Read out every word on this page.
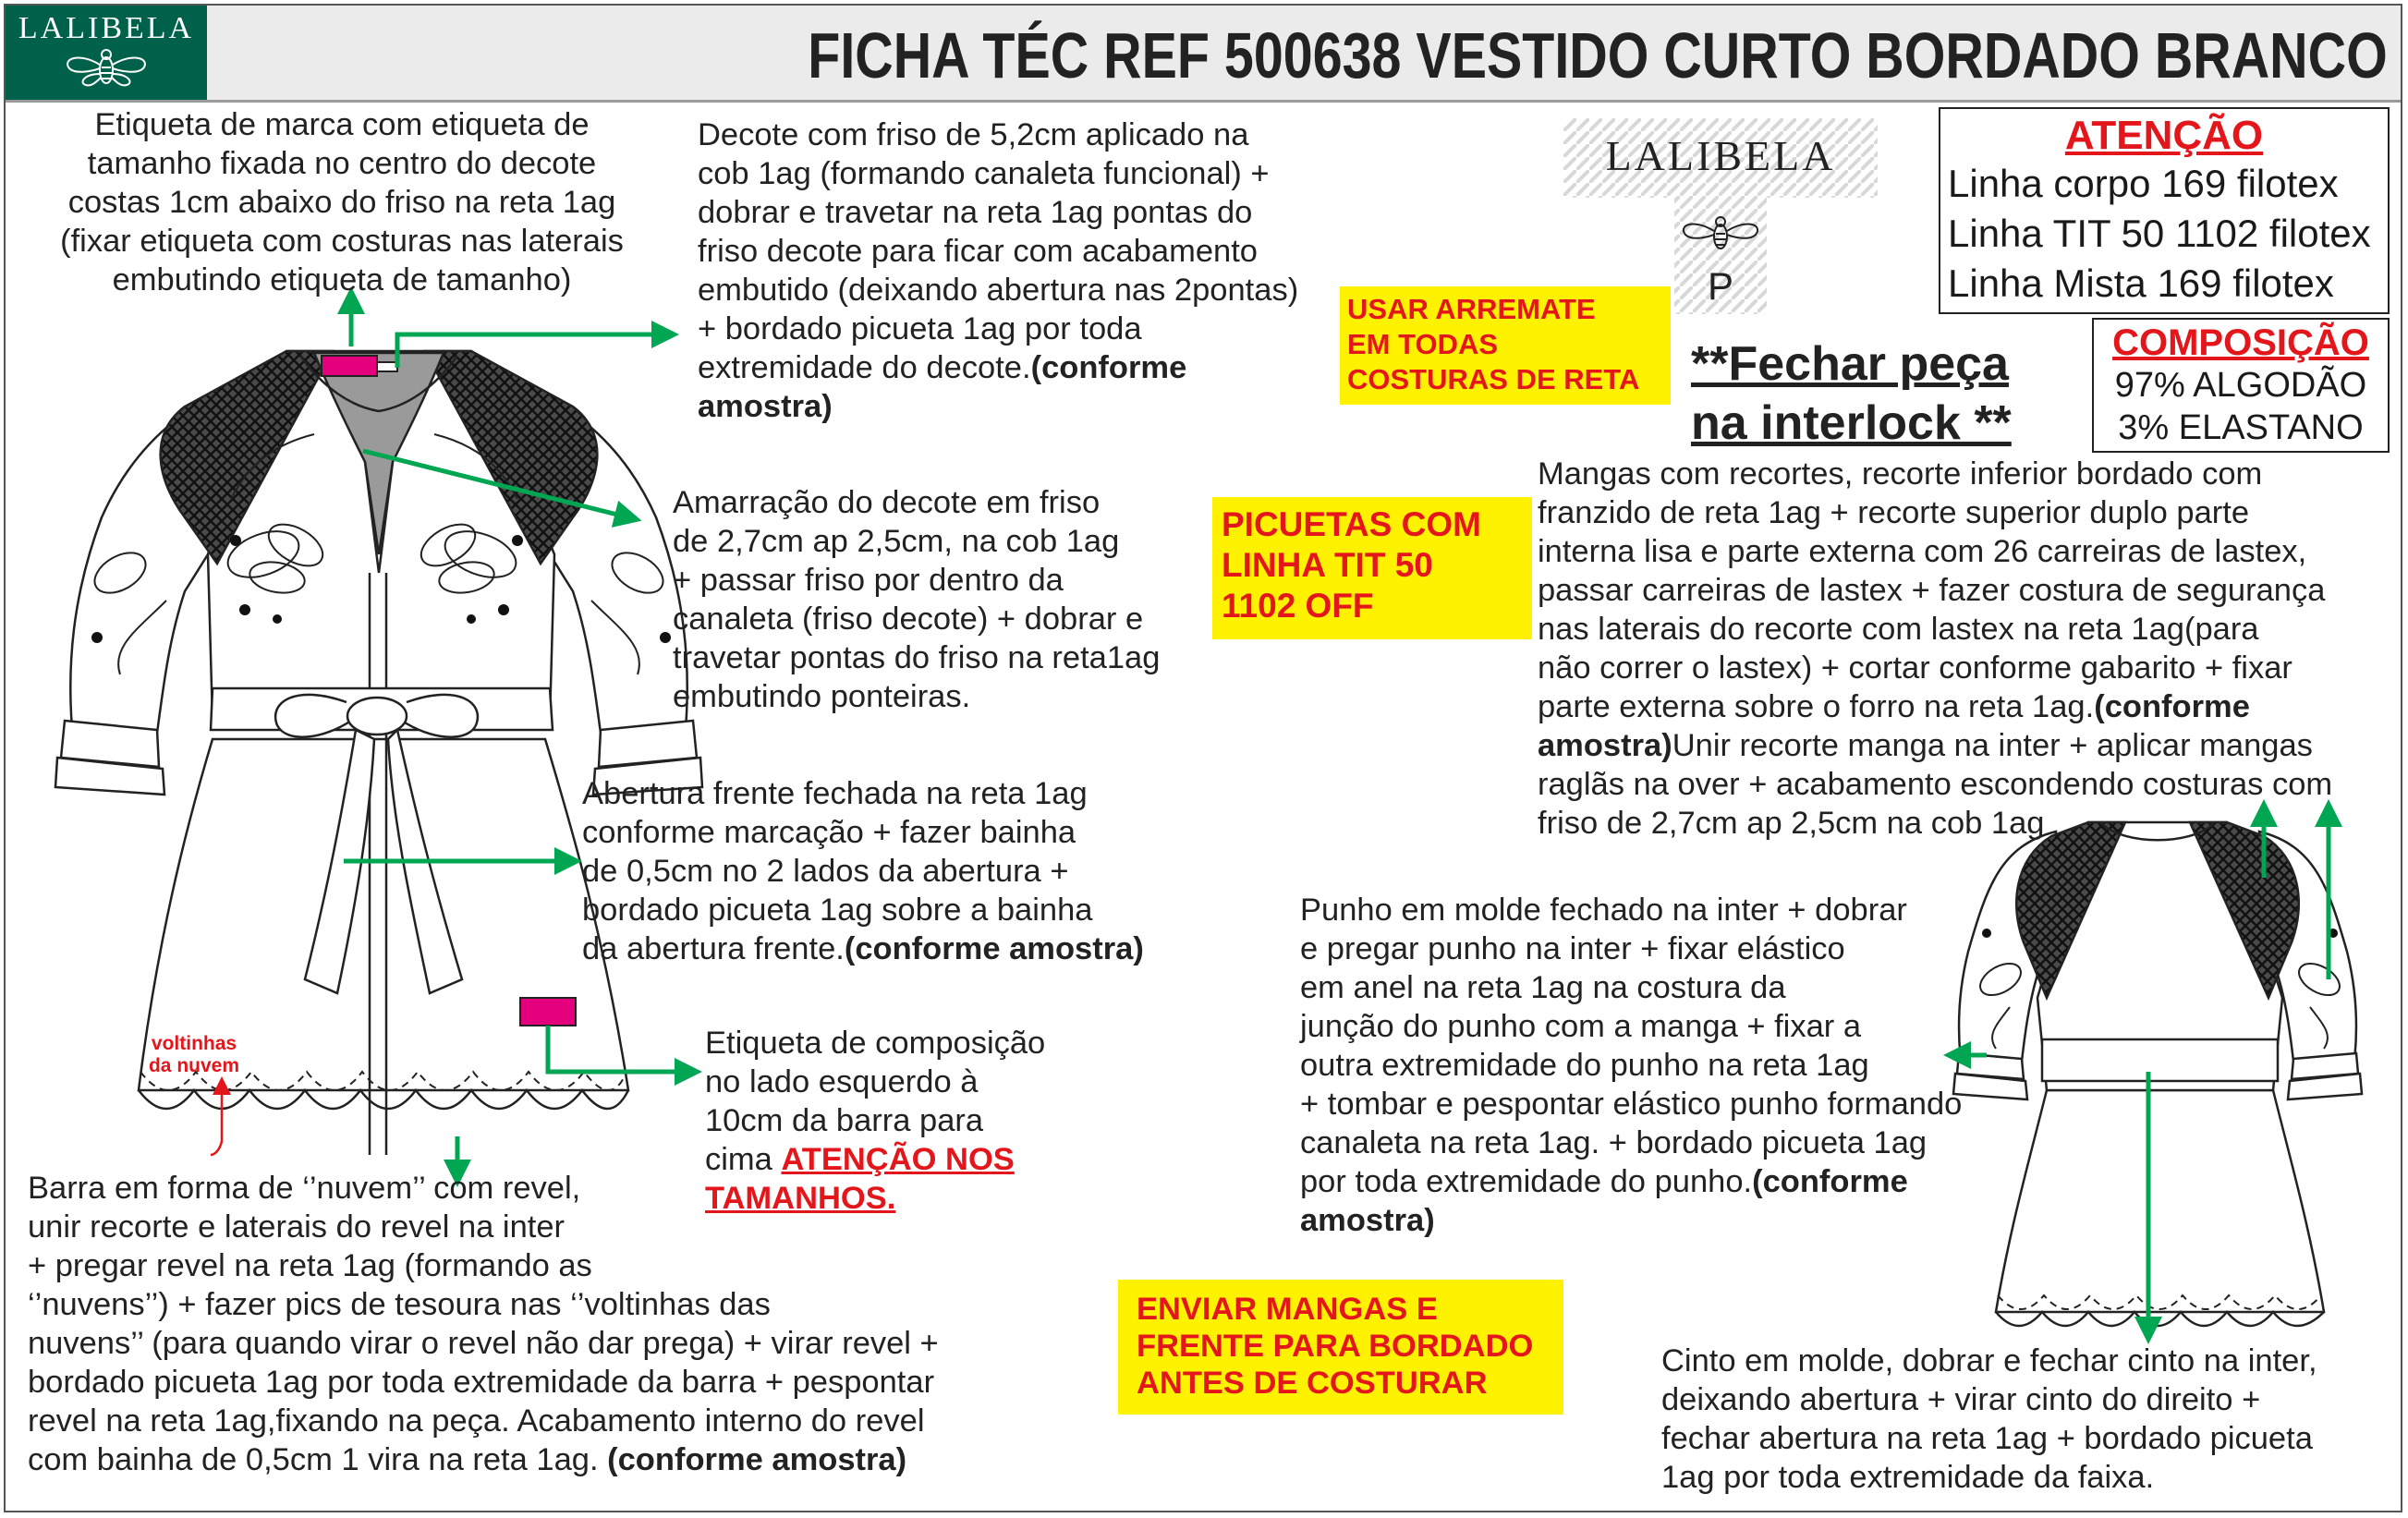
LALIBELA	FICHA TÉC REF 500638 VESTIDO CURTO BORDADO BRANCO
Etiqueta de marca com etiqueta de
tamanho fixada no centro do decote
costas 1cm abaixo do friso na reta 1ag
(fixar etiqueta com costuras nas laterais
embutindo etiqueta de tamanho)
Decote com friso de 5,2cm aplicado na
cob 1ag (formando canaleta funcional) +
dobrar e travetar na reta 1ag pontas do
friso decote para ficar com acabamento
embutido (deixando abertura nas 2pontas)
+ bordado picueta 1ag por toda
extremidade do decote.(conforme
amostra)
Amarração do decote em friso
de 2,7cm ap 2,5cm, na cob 1ag
+ passar friso por dentro da
canaleta (friso decote) + dobrar e
travetar pontas do friso na reta1ag
embutindo ponteiras.
Abertura frente fechada na reta 1ag
conforme marcação + fazer bainha
de 0,5cm no 2 lados da abertura +
bordado picueta 1ag sobre a bainha
da abertura frente.(conforme amostra)
Etiqueta de composição
no lado esquerdo à
10cm da barra para
cima ATENÇÃO NOS
TAMANHOS.
voltinhas
da nuvem
Barra em forma de ‘’nuvem’’ com revel,
unir recorte e laterais do revel na inter
+ pregar revel na reta 1ag (formando as
‘’nuvens’’) + fazer pics de tesoura nas ‘’voltinhas das
nuvens’’ (para quando virar o revel não dar prega) + virar revel +
bordado picueta 1ag por toda extremidade da barra + pespontar
revel na reta 1ag,fixando na peça. Acabamento interno do revel
com bainha de 0,5cm 1 vira na reta 1ag. (conforme amostra)
USAR ARREMATE
EM TODAS
COSTURAS DE RETA
PICUETAS COM
LINHA TIT 50
1102 OFF
ENVIAR MANGAS E
FRENTE PARA BORDADO
ANTES DE COSTURAR
LALIBELA
P
ATENÇÃO
Linha corpo 169 filotex
Linha TIT 50 1102 filotex
Linha Mista 169 filotex
COMPOSIÇÃO
97% ALGODÃO
3% ELASTANO
**Fechar peça
na interlock **
Mangas com recortes, recorte inferior bordado com
franzido de reta 1ag + recorte superior duplo parte
interna lisa e parte externa com 26 carreiras de lastex,
passar carreiras de lastex + fazer costura de segurança
nas laterais do recorte com lastex na reta 1ag(para
não correr o lastex) + cortar conforme gabarito + fixar
parte externa sobre o forro na reta 1ag.(conforme
amostra)Unir recorte manga na inter + aplicar mangas
raglãs na over + acabamento escondendo costuras com
friso de 2,7cm ap 2,5cm na cob 1ag
Punho em molde fechado na inter + dobrar
e pregar punho na inter + fixar elástico
em anel na reta 1ag na costura da
junção do punho com a manga + fixar a
outra extremidade do punho na reta 1ag
+ tombar e pespontar elástico punho formando
canaleta na reta 1ag. + bordado picueta 1ag
por toda extremidade do punho.(conforme
amostra)
Cinto em molde, dobrar e fechar cinto na inter,
deixando abertura + virar cinto do direito +
fechar abertura na reta 1ag + bordado picueta
1ag por toda extremidade da faixa.
